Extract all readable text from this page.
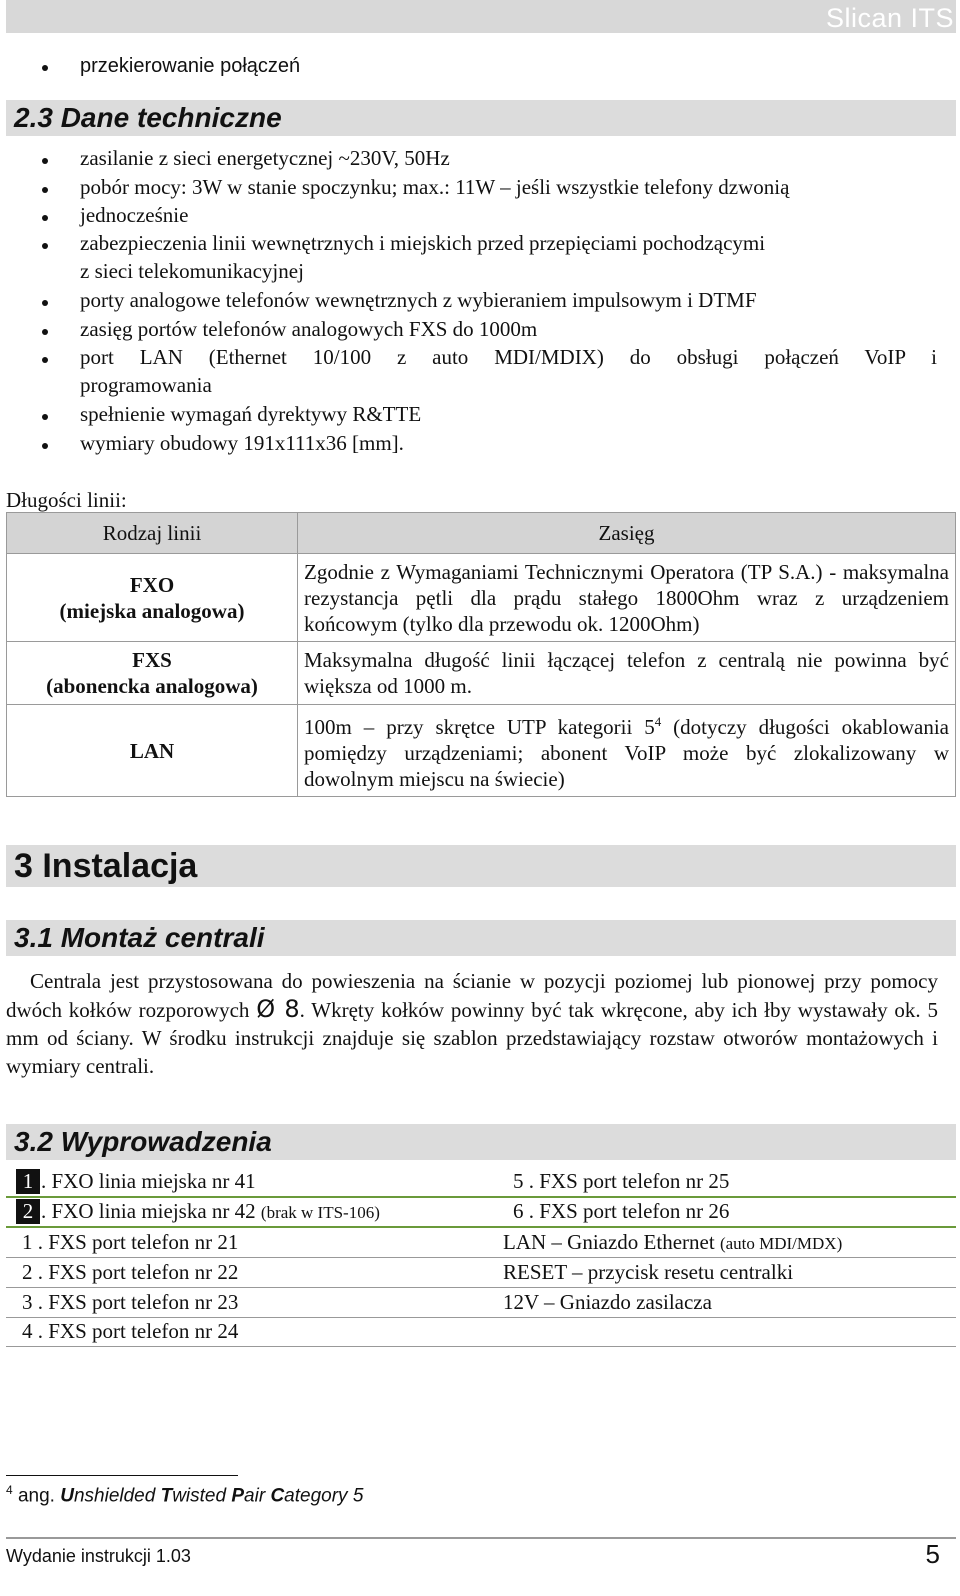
Slican ITS
przekierowanie połączeń
2.3 Dane techniczne
zasilanie z sieci energetycznej ~230V, 50Hz
pobór mocy: 3W w stanie spoczynku; max.: 11W – jeśli wszystkie telefony dzwonią
jednocześnie
zabezpieczenia linii wewnętrznych i miejskich przed przepięciami pochodzącymi
z sieci telekomunikacyjnej
porty analogowe telefonów wewnętrznych z wybieraniem impulsowym i DTMF
zasięg portów telefonów analogowych FXS do 1000m
port LAN (Ethernet 10/100 z auto MDI/MDIX) do obsługi połączeń VoIP i
programowania
spełnienie wymagań dyrektywy R&TTE
wymiary obudowy 191x111x36 [mm].
Długości linii:
Rodzaj linii	Zasięg

FXO
(miejska analogowa)	Zgodnie z Wymaganiami Technicznymi Operatora (TP S.A.) - maksymalna rezystancja pętli dla prądu stałego 1800Ohm wraz z urządzeniem końcowym (tylko dla przewodu ok. 1200Ohm)

FXS
(abonencka analogowa)	Maksymalna długość linii łączącej telefon z centralą nie powinna być większa od 1000 m.

LAN	100m – przy skrętce UTP kategorii $5^4$ (dotyczy długości okablowania pomiędzy urządzeniami; abonent VoIP może być zlokalizowany w dowolnym miejscu na świecie)
3 Instalacja
3.1 Montaż centrali
Centrala jest przystosowana do powieszenia na ścianie w pozycji poziomej lub pionowej przy pomocy dwóch kołków rozporowych Ø 8. Wkręty kołków powinny być tak wkręcone, aby ich łby wystawały ok. 5 mm od ściany. W środku instrukcji znajduje się szablon przedstawiający rozstaw otworów montażowych i wymiary centrali.
3.2 Wyprowadzenia
1 . FXO linia miejska nr 41	5 . FXS port telefon nr 25
2 . FXO linia miejska nr 42 (brak w ITS-106)	6 . FXS port telefon nr 26
1 . FXS port telefon nr 21	LAN – Gniazdo Ethernet (auto MDI/MDX)
2 . FXS port telefon nr 22	RESET – przycisk resetu centralki
3 . FXS port telefon nr 23	12V – Gniazdo zasilacza
4 . FXS port telefon nr 24
$^4$ ang. Unshielded Twisted Pair Category 5
Wydanie instrukcji 1.03	5
